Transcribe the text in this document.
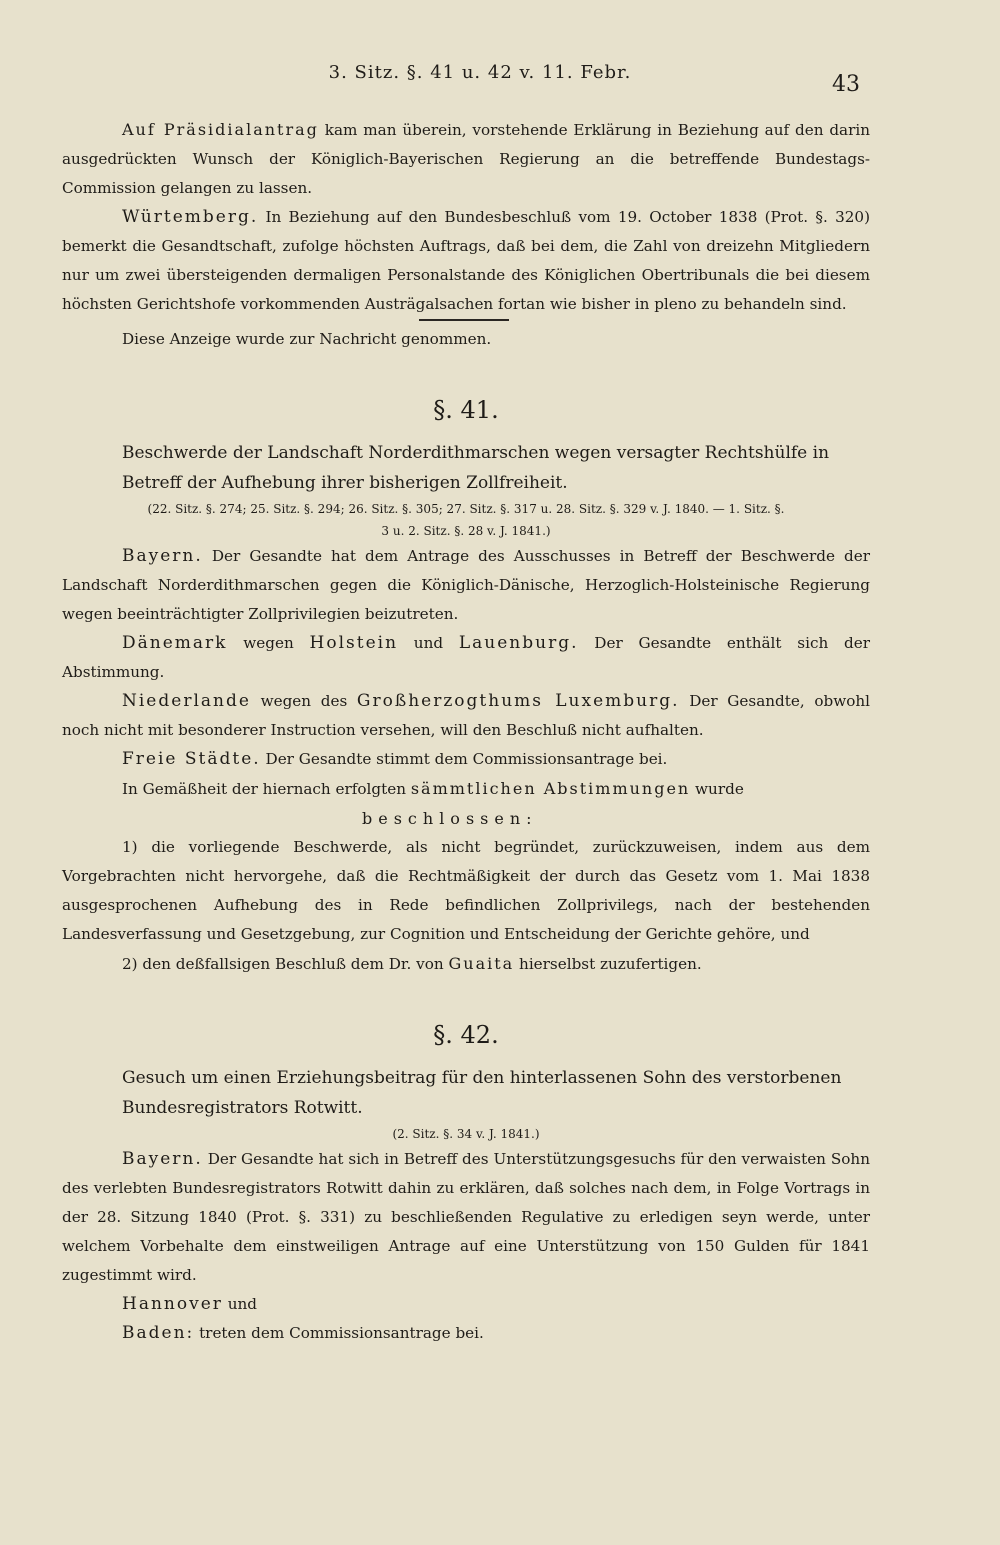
3. Sitz. §. 41 u. 42 v. 11. Febr.	43

Auf Präsidialantrag kam man überein, vorstehende Erklärung in Beziehung auf den darin ausgedrückten Wunsch der Königlich-Bayerischen Regierung an die betreffende Bundestags-Commission gelangen zu lassen.

Würtemberg. In Beziehung auf den Bundesbeschluß vom 19. October 1838 (Prot. §. 320) bemerkt die Gesandtschaft, zufolge höchsten Auftrags, daß bei dem, die Zahl von dreizehn Mitgliedern nur um zwei übersteigenden dermaligen Personalstande des Königlichen Obertribunals die bei diesem höchsten Gerichtshofe vorkommenden Austrägalsachen fortan wie bisher in pleno zu behandeln sind.

Diese Anzeige wurde zur Nachricht genommen.

§. 41.

Beschwerde der Landschaft Norderdithmarschen wegen versagter Rechtshülfe in

Betreff der Aufhebung ihrer bisherigen Zollfreiheit.

(22. Sitz. §. 274; 25. Sitz. §. 294; 26. Sitz. §. 305; 27. Sitz. §. 317 u. 28. Sitz. §. 329 v. J. 1840. — 1. Sitz. §.

3 u. 2. Sitz. §. 28 v. J. 1841.)

Bayern. Der Gesandte hat dem Antrage des Ausschusses in Betreff der Beschwerde der Landschaft Norderdithmarschen gegen die Königlich-Dänische, Herzoglich-Holsteinische Regierung wegen beeinträchtigter Zollprivilegien beizutreten.

Dänemark wegen Holstein und Lauenburg. Der Gesandte enthält sich der Abstimmung.

Niederlande wegen des Großherzogthums Luxemburg. Der Gesandte, obwohl noch nicht mit besonderer Instruction versehen, will den Beschluß nicht aufhalten.

Freie Städte. Der Gesandte stimmt dem Commissionsantrage bei.

In Gemäßheit der hiernach erfolgten sämmtlichen Abstimmungen wurde

beschlossen:

1) die vorliegende Beschwerde, als nicht begründet, zurückzuweisen, indem aus dem Vorgebrachten nicht hervorgehe, daß die Rechtmäßigkeit der durch das Gesetz vom 1. Mai 1838 ausgesprochenen Aufhebung des in Rede befindlichen Zollprivilegs, nach der bestehenden Landesverfassung und Gesetzgebung, zur Cognition und Entscheidung der Gerichte gehöre, und

2) den deßfallsigen Beschluß dem Dr. von Guaita hierselbst zuzufertigen.

§. 42.

Gesuch um einen Erziehungsbeitrag für den hinterlassenen Sohn des verstorbenen

Bundesregistrators Rotwitt.

(2. Sitz. §. 34 v. J. 1841.)

Bayern. Der Gesandte hat sich in Betreff des Unterstützungsgesuchs für den verwaisten Sohn des verlebten Bundesregistrators Rotwitt dahin zu erklären, daß solches nach dem, in Folge Vortrags in der 28. Sitzung 1840 (Prot. §. 331) zu beschließenden Regulative zu erledigen seyn werde, unter welchem Vorbehalte dem einstweiligen Antrage auf eine Unterstützung von 150 Gulden für 1841 zugestimmt wird.

Hannover und

Baden: treten dem Commissionsantrage bei.
